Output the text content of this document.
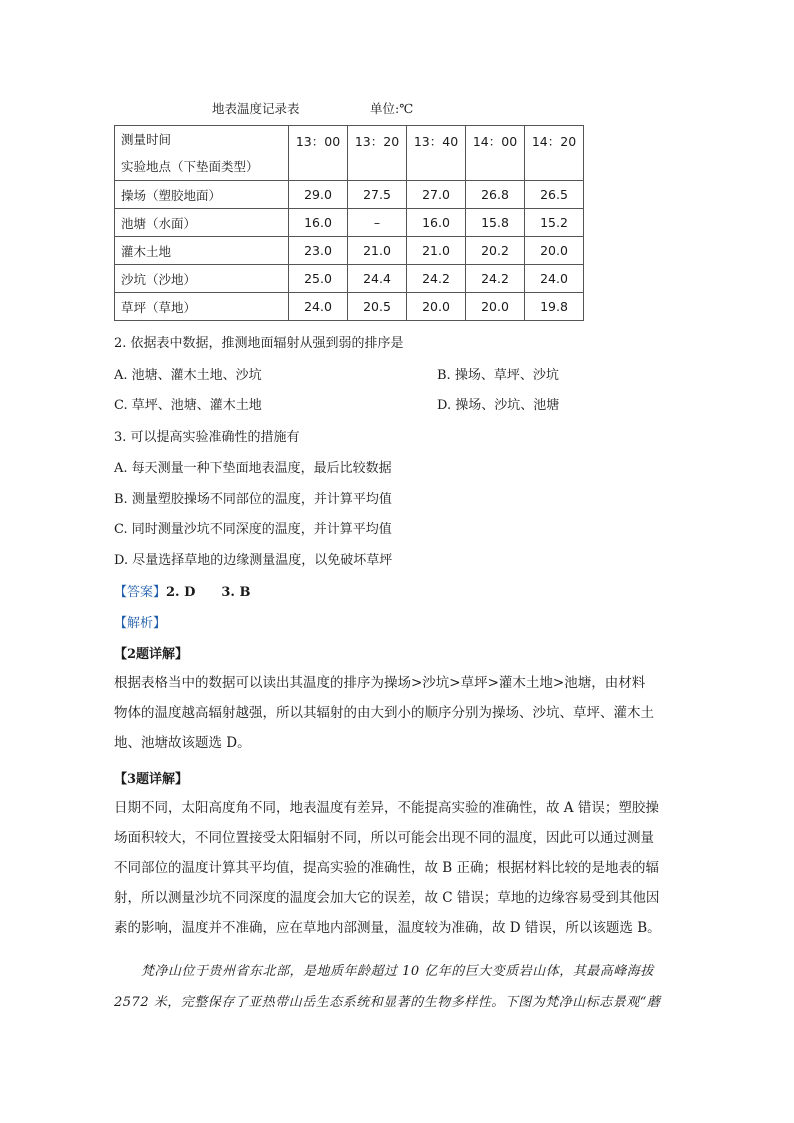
地表温度记录表	单位:℃
测量时间
实验地点（下垫面类型）	13：00	13：20	13：40	14：00	14：20
操场（塑胶地面）	29.0	27.5	27.0	26.8	26.5
池塘（水面）	16.0	–	16.0	15.8	15.2
灌木土地	23.0	21.0	21.0	20.2	20.0
沙坑（沙地）	25.0	24.4	24.2	24.2	24.0
草坪（草地）	24.0	20.5	20.0	20.0	19.8
2. 依据表中数据，推测地面辐射从强到弱的排序是
A. 池塘、灌木土地、沙坑	B. 操场、草坪、沙坑
C. 草坪、池塘、灌木土地	D. 操场、沙坑、池塘
3. 可以提高实验准确性的措施有
A. 每天测量一种下垫面地表温度，最后比较数据
B. 测量塑胶操场不同部位的温度，并计算平均值
C. 同时测量沙坑不同深度的温度，并计算平均值
D. 尽量选择草地的边缘测量温度，以免破坏草坪
【答案】2. D　　3. B
【解析】
【2题详解】
根据表格当中的数据可以读出其温度的排序为操场>沙坑>草坪>灌木土地>池塘，由材料
物体的温度越高辐射越强，所以其辐射的由大到小的顺序分别为操场、沙坑、草坪、灌木土
地、池塘故该题选 D。
【3题详解】
日期不同，太阳高度角不同，地表温度有差异，不能提高实验的准确性，故 A 错误；塑胶操
场面积较大，不同位置接受太阳辐射不同，所以可能会出现不同的温度，因此可以通过测量
不同部位的温度计算其平均值，提高实验的准确性，故 B 正确；根据材料比较的是地表的辐
射，所以测量沙坑不同深度的温度会加大它的误差，故 C 错误；草地的边缘容易受到其他因
素的影响，温度并不准确，应在草地内部测量，温度较为准确，故 D 错误，所以该题选 B。
　　梵净山位于贵州省东北部，是地质年龄超过 10 亿年的巨大变质岩山体，其最高峰海拔
2572 米，完整保存了亚热带山岳生态系统和显著的生物多样性。下图为梵净山标志景观“蘑
